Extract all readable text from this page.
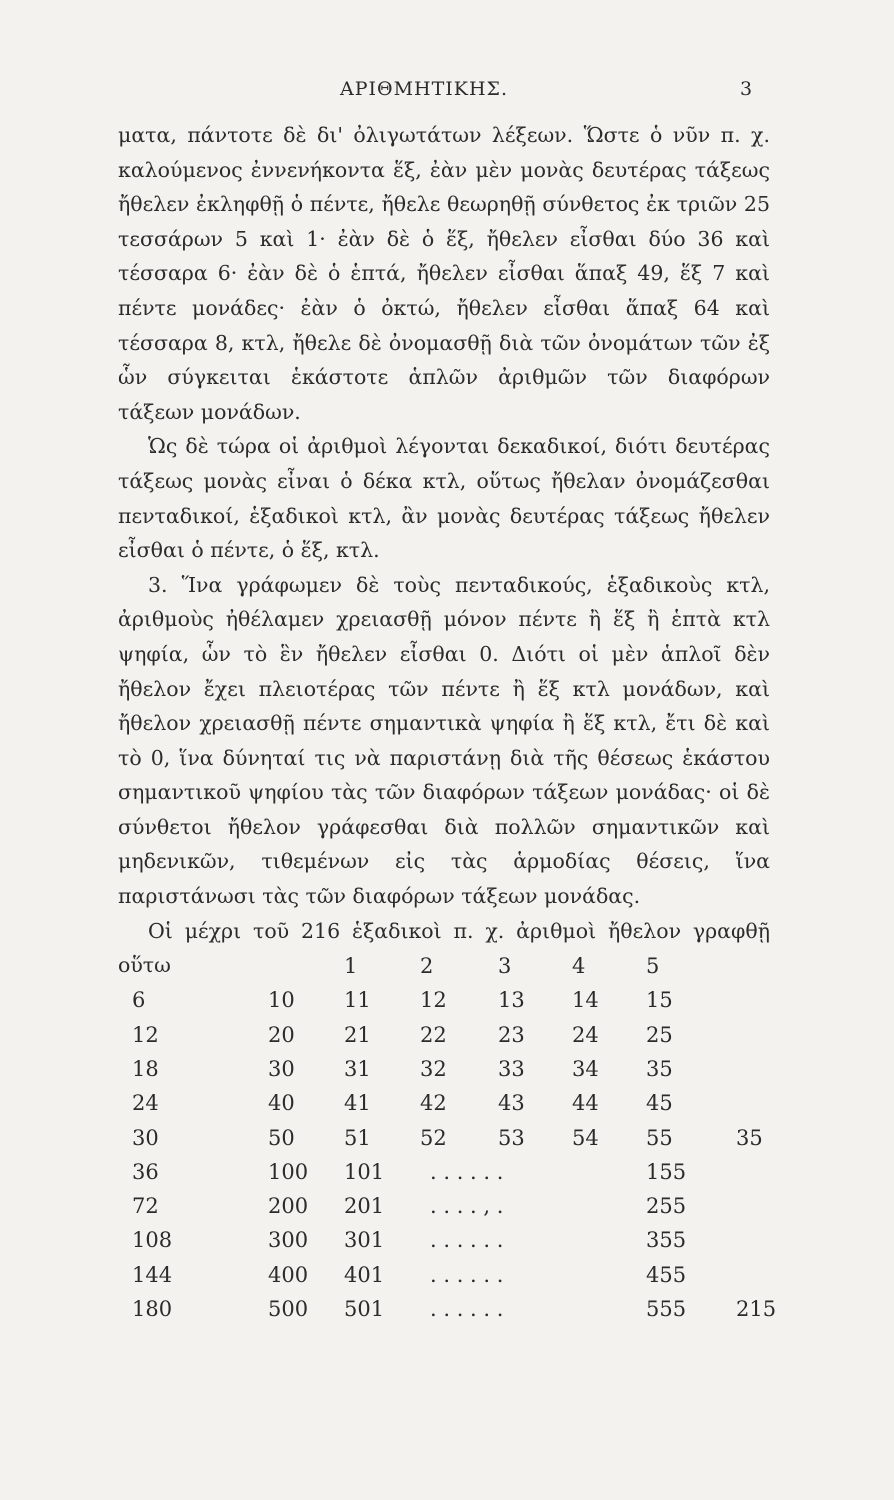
ΑΡΙΘΜΗΤΙΚΗΣ.	3

ματα, πάντοτε δὲ δι' ὀλιγωτάτων λέξεων. Ὥστε ὁ νῦν π. χ. καλούμενος ἐννενήκοντα ἕξ, ἐὰν μὲν μονὰς δευτέρας τάξεως ἤθελεν ἐκληφθῇ ὁ πέντε, ἤθελε θεωρηθῇ σύνθετος ἐκ τριῶν 25 τεσσάρων 5 καὶ 1· ἐὰν δὲ ὁ ἕξ, ἤθελεν εἶσθαι δύο 36 καὶ τέσσαρα 6· ἐὰν δὲ ὁ ἑπτά, ἤθελεν εἶσθαι ἅπαξ 49, ἕξ 7 καὶ πέντε μονάδες· ἐὰν ὁ ὀκτώ, ἤθελεν εἶσθαι ἅπαξ 64 καὶ τέσσαρα 8, κτλ, ἤθελε δὲ ὀνομασθῇ διὰ τῶν ὀνομάτων τῶν ἐξ ὧν σύγκειται ἑκάστοτε ἁπλῶν ἀριθμῶν τῶν διαφόρων τάξεων μονάδων.

Ὡς δὲ τώρα οἱ ἀριθμοὶ λέγονται δεκαδικοί, διότι δευτέρας τάξεως μονὰς εἶναι ὁ δέκα κτλ, οὕτως ἤθελαν ὀνομάζεσθαι πενταδικοί, ἑξαδικοὶ κτλ, ἂν μονὰς δευτέρας τάξεως ἤθελεν εἶσθαι ὁ πέντε, ὁ ἕξ, κτλ.

3. Ἵνα γράφωμεν δὲ τοὺς πενταδικούς, ἑξαδικοὺς κτλ, ἀριθμοὺς ἠθέλαμεν χρειασθῇ μόνον πέντε ἢ ἕξ ἢ ἑπτὰ κτλ ψηφία, ὧν τὸ ἓν ἤθελεν εἶσθαι 0. Διότι οἱ μὲν ἁπλοῖ δὲν ἤθελον ἔχει πλειοτέρας τῶν πέντε ἢ ἕξ κτλ μονάδων, καὶ ἤθελον χρειασθῇ πέντε σημαντικὰ ψηφία ἢ ἕξ κτλ, ἔτι δὲ καὶ τὸ 0, ἵνα δύνηταί τις νὰ παριστάνῃ διὰ τῆς θέσεως ἑκάστου σημαντικοῦ ψηφίου τὰς τῶν διαφόρων τάξεων μονάδας· οἱ δὲ σύνθετοι ἤθελον γράφεσθαι διὰ πολλῶν σημαντικῶν καὶ μηδενικῶν, τιθεμένων εἰς τὰς ἁρμοδίας θέσεις, ἵνα παριστάνωσι τὰς τῶν διαφόρων τάξεων μονάδας.

Οἱ μέχρι τοῦ 216 ἑξαδικοὶ π. χ. ἀριθμοὶ ἤθελον γραφθῇ οὕτω	1	2	3	4	5
6	10 11 12 13 14 15
12	20 21 22 23 24 25
18	30 31 32 33 34 35
24	40 41 42 43 44 45
30	50 51 52 53 54 55	35
36	100 101 . . . . . .	155
72	200 201 . . . . , .	255
108	300 301 . . . . . .	355
144	400 401 . . . . . .	455
180	500 501 . . . . . .	555 215
